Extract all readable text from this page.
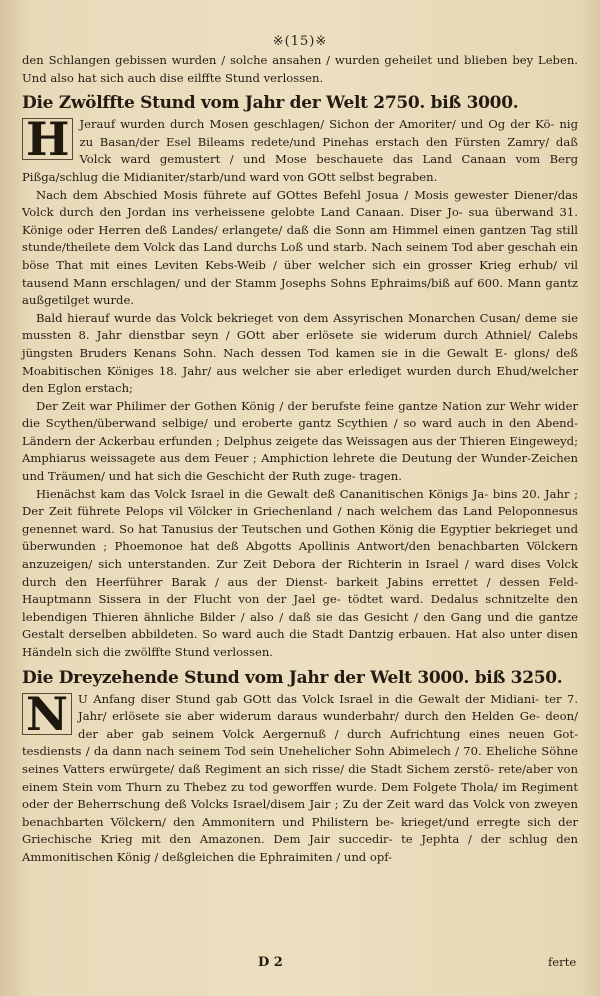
※(15)※

den Schlangen gebissen wurden / solche ansahen / wurden geheilet und blieben bey Leben. Und also hat sich auch dise eilffte Stund verlossen.

Die Zwölffte Stund vom Jahr der Welt 2750. biß 3000.

H Jerauf wurden durch Mosen geschlagen/ Sichon der Amoriter/ und Og der Kö- nig zu Basan/der Esel Bileams redete/und Pinehas erstach den Fürsten Zamry/ daß Volck ward gemustert / und Mose beschauete das Land Canaan vom Berg Pißga/schlug die Midianiter/starb/und ward von GOtt selbst begraben.

Nach dem Abschied Mosis führete auf GOttes Befehl Josua / Mosis gewester Diener/das Volck durch den Jordan ins verheissene gelobte Land Canaan. Diser Jo- sua überwand 31. Könige oder Herren deß Landes/ erlangete/ daß die Sonn am Himmel einen gantzen Tag still stunde/theilete dem Volck das Land durchs Loß und starb. Nach seinem Tod aber geschah ein böse That mit eines Leviten Kebs-Weib / über welcher sich ein grosser Krieg erhub/ vil tausend Mann erschlagen/ und der Stamm Josephs Sohns Ephraims/biß auf 600. Mann gantz außgetilget wurde.

Bald hierauf wurde das Volck bekrieget von dem Assyrischen Monarchen Cusan/ deme sie mussten 8. Jahr dienstbar seyn / GOtt aber erlösete sie widerum durch Athniel/ Calebs jüngsten Bruders Kenans Sohn. Nach dessen Tod kamen sie in die Gewalt E- glons/ deß Moabitischen Königes 18. Jahr/ aus welcher sie aber erlediget wurden durch Ehud/welcher den Eglon erstach;

Der Zeit war Philimer der Gothen König / der berufste feine gantze Nation zur Wehr wider die Scythen/überwand selbige/ und eroberte gantz Scythien / so ward auch in den Abend-Ländern der Ackerbau erfunden ; Delphus zeigete das Weissagen aus der Thieren Eingeweyd; Amphiarus weissagete aus dem Feuer ; Amphiction lehrete die Deutung der Wunder-Zeichen und Träumen/ und hat sich die Geschicht der Ruth zuge- tragen.

Hienächst kam das Volck Israel in die Gewalt deß Cananitischen Königs Ja- bins 20. Jahr ; Der Zeit führete Pelops vil Völcker in Griechenland / nach welchem das Land Peloponnesus genennet ward. So hat Tanusius der Teutschen und Gothen König die Egyptier bekrieget und überwunden ; Phoemonoe hat deß Abgotts Apollinis Antwort/den benachbarten Völckern anzuzeigen/ sich unterstanden. Zur Zeit Debora der Richterin in Israel / ward dises Volck durch den Heerführer Barak / aus der Dienst- barkeit Jabins errettet / dessen Feld-Hauptmann Sissera in der Flucht von der Jael ge- tödtet ward. Dedalus schnitzelte den lebendigen Thieren ähnliche Bilder / also / daß sie das Gesicht / den Gang und die gantze Gestalt derselben abbildeten. So ward auch die Stadt Dantzig erbauen. Hat also unter disen Händeln sich die zwölffte Stund verlossen.

Die Dreyzehende Stund vom Jahr der Welt 3000. biß 3250.

N U Anfang diser Stund gab GOtt das Volck Israel in die Gewalt der Midiani- ter 7. Jahr/ erlösete sie aber widerum daraus wunderbahr/ durch den Helden Ge- deon/ der aber gab seinem Volck Aergernuß / durch Aufrichtung eines neuen Got- tesdiensts / da dann nach seinem Tod sein Unehelicher Sohn Abimelech / 70. Eheliche Söhne seines Vatters erwürgete/ daß Regiment an sich risse/ die Stadt Sichem zerstö- rete/aber von einem Stein vom Thurn zu Thebez zu tod geworffen wurde. Dem Folgete Thola/ im Regiment oder der Beherrschung deß Volcks Israel/disem Jair ; Zu der Zeit ward das Volck von zweyen benachbarten Völckern/ den Ammonitern und Philistern be- krieget/und erregte sich der Griechische Krieg mit den Amazonen. Dem Jair succedir- te Jephta / der schlug den Ammonitischen König / deßgleichen die Ephraimiten / und opf-

D 2	ferte
